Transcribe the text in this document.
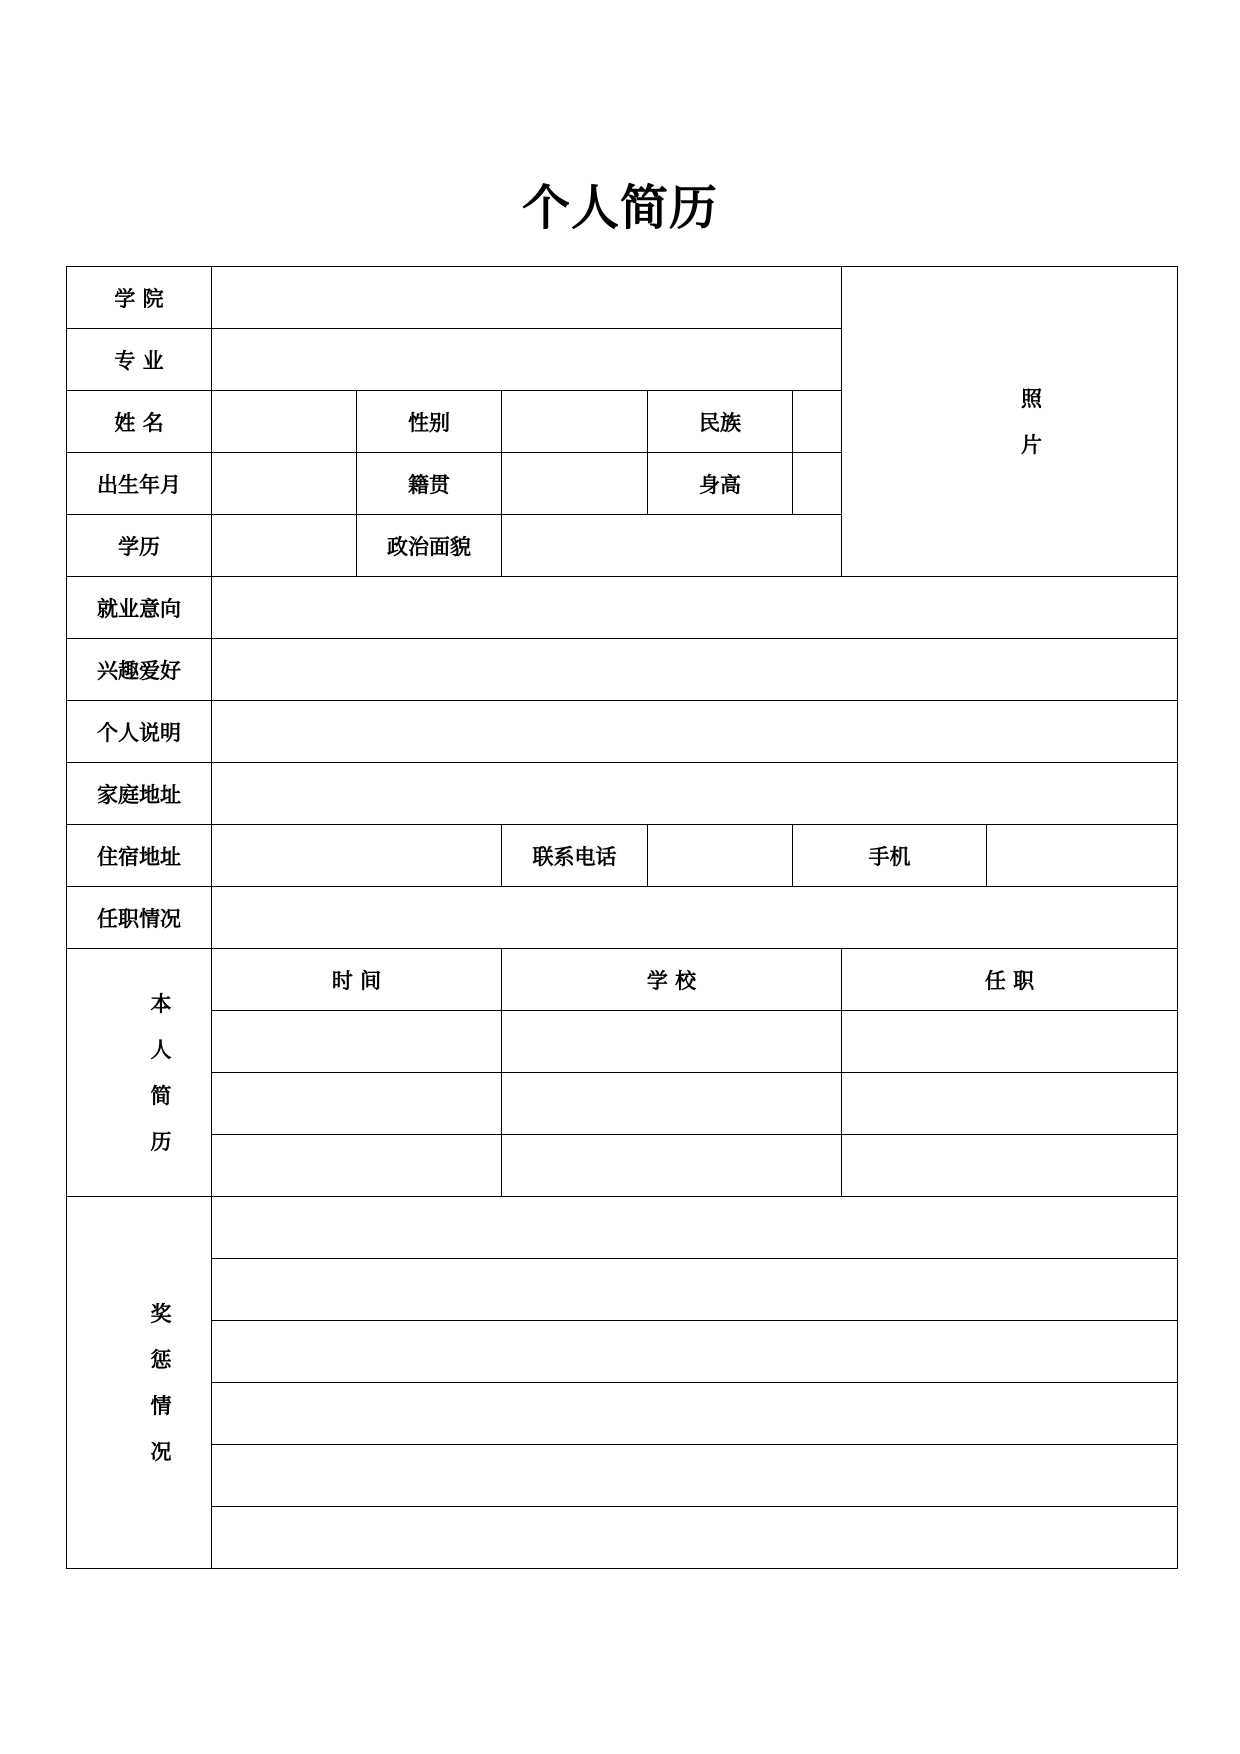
个人简历
学 院						照片	

专 业							
姓 名		性别		民族			
出生年月		籍贯		身高			
学历		政治面貌					
就业意向							
兴趣爱好							
个人说明							
家庭地址							
住宿地址			联系电话		手机		
任职情况							

本人简历	时 间		学 校			任 职	

奖惩情况						
